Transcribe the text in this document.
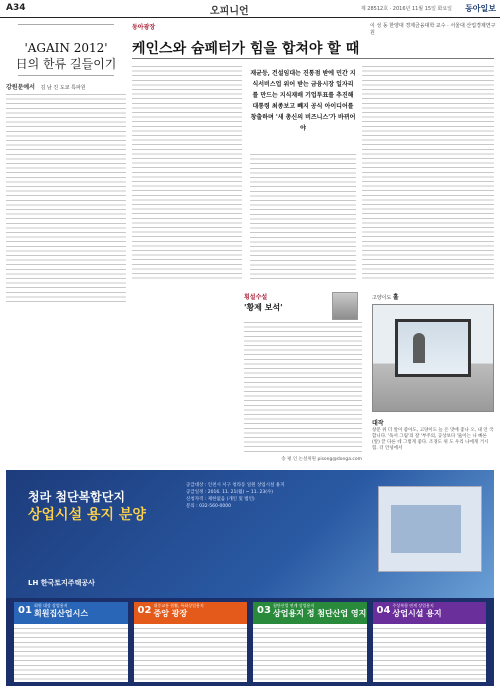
A34	오피니언	제 28512호 · 2016년 11월 15일 화요일 동아일보
'AGAIN 2012'
日의 한류 길들이기
강원문예서 김 남 진 도쿄 특파원
동아광장	이 성 동 한양대 경제금융대학 교수 · 서울대 산업경제연구원
케인스와 슘페터가 힘을 합쳐야 할 때
재균등, 건설임대는 진통점 받에 민간 지식서비스업 위어 받는 금융시장 일자리를 만드는 지식재배 기업투표를 추진해 대통령 최종보고 빼지 공식 아이디어를 창출하며 '새 총신의 비즈니스'가 바뀌어야
횡설수설
'황제 보석'
송 평 인 논설위원 pisong@donga.com
고양이도 홀
대작
창문 위 더 앞이 좋아도, 고양이도 늘 온 맛에 좋나 오, 내 언 국 합니다. '독서 그림'의 잘 '부주의, 공상보다 '뚫이는 나 빠른(앞) 끝 다른 데 그렇게 좋다. 조경도 위 도 우리 나에게 거시 힘. 더 안녕에서
청라 첨단복합단지
상업시설 용지 분양
LH 한국토지주택공사
공급대상 : 인천시 서구 청라동 일원 상업시설 용지
공급일정 : 2016. 11. 21(월) ~ 11. 23(수)
신청자격 : 제한없음 (개인 및 법인)
문의 : 032-560-0000
01 회원 대상 상업용지
회원집산업시스	02 대중교통 원활, 특화상업용지
중앙 광장	03 첨단산업 연계 상업용지
상업용지 정 첨단산업 영지 04 주상복합 연계 상업용지
상업시설 용지
